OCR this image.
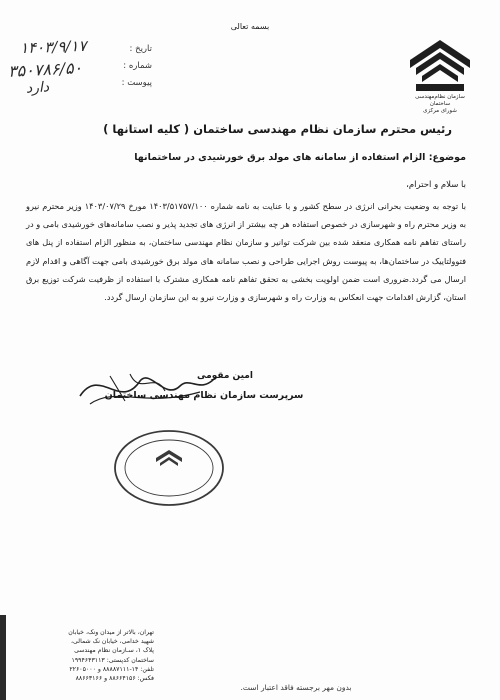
بسمه تعالی
سازمان نظام‌مهندسی ساختمان
شورای مرکزی
تاریخ :
شماره :
پیوست :
۱۴۰۳/۹/۱۷
۳۵۰۷۸۶/۵۰
دارد
رئیس محترم سازمان نظام مهندسی ساختمان ( کلیه استانها )
موضوع: الزام استفاده از سامانه های مولد برق خورشیدی در ساختمانها
با سلام و احترام،
با توجه به وضعیت بحرانی انرژی در سطح کشور و با عنایت به نامه شماره ۱۴۰۳/۵۱۷۵۷/۱۰۰ مورخ ۱۴۰۳/۰۷/۲۹ وزیر محترم نیرو به وزیر محترم راه و شهرسازی در خصوص استفاده هر چه بیشتر از انرژی های تجدید پذیر و نصب سامانه‌های خورشیدی بامی و در راستای تفاهم نامه همکاری منعقد شده بین شرکت توانیر و سازمان نظام مهندسی ساختمان، به منظور الزام استفاده از پنل های فتوولتاییک در ساختمان‌ها، به پیوست روش اجرایی طراحی و نصب سامانه های مولد برق خورشیدی بامی جهت آگاهی و اقدام لازم ارسال می گردد.ضروری است ضمن اولویت بخشی به تحقق تفاهم نامه همکاری مشترک با استفاده از ظرفیت شرکت توزیع برق استان، گزارش اقدامات جهت انعکاس به وزارت راه و شهرسازی و وزارت نیرو به این سازمان ارسال گردد.
امین مقومی
سرپرست سازمان نظام مهندسی ساختمان
تهران، بالاتر از میدان ونک، خیابان
شهید خدامی، خیابان نک شمالی،
پلاک ۱، سـازمان نظام مهندسی
ساختمان کدپستی: ۱۹۹۴۶۴۳۱۱۳
تلفن: ۱۴-۸۸۸۸۷۱۱۱ و ۲۲۶۰۵۰۰۰
فکس: ۸۸۶۶۴۱۵۶ و ۸۸۶۶۳۱۶۶
بدون مهر برجسته فاقد اعتبار است.
